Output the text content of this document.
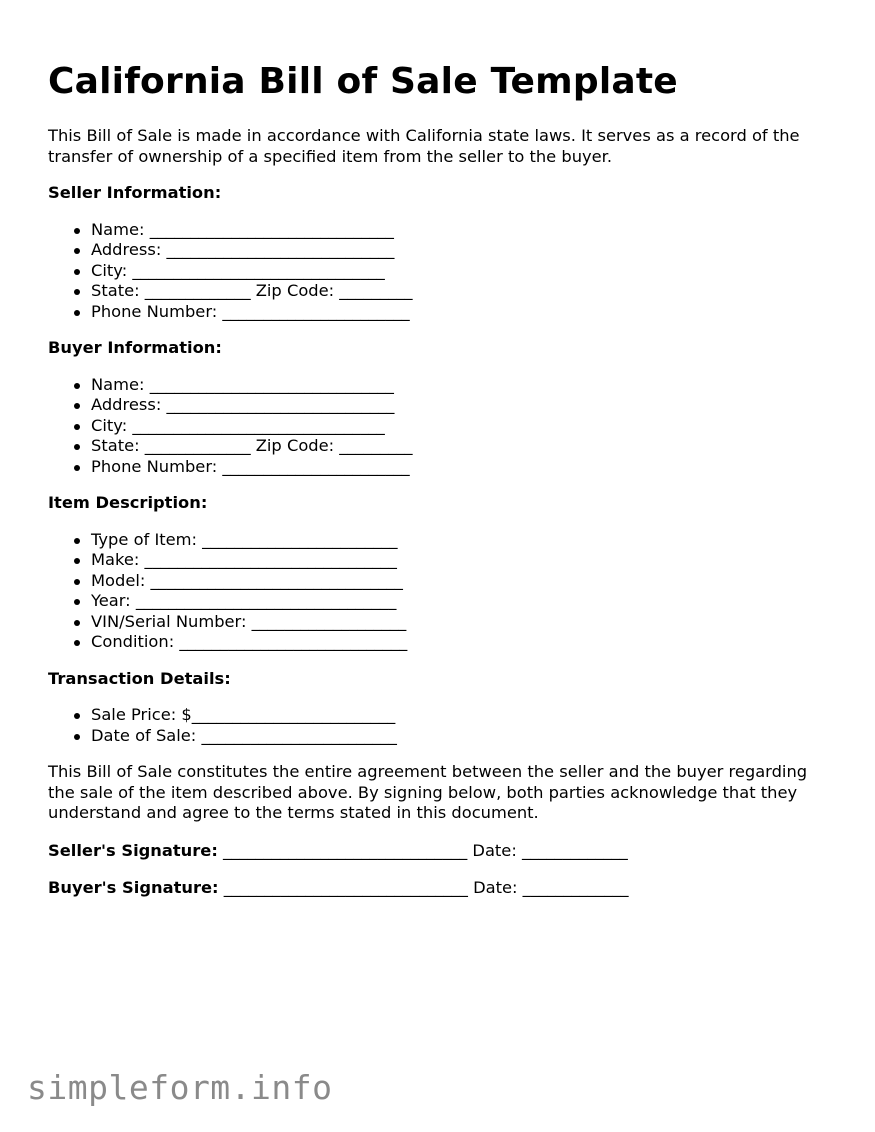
California Bill of Sale Template

This Bill of Sale is made in accordance with California state laws. It serves as a record of the transfer of ownership of a specified item from the seller to the buyer.

Seller Information:

Name: ______________________________
Address: ____________________________
City: _______________________________
State: _____________ Zip Code: _________
Phone Number: _______________________

Buyer Information:

Name: ______________________________
Address: ____________________________
City: _______________________________
State: _____________ Zip Code: _________
Phone Number: _______________________

Item Description:

Type of Item: ________________________
Make: _______________________________
Model: _______________________________
Year: ________________________________
VIN/Serial Number: ___________________
Condition: ____________________________

Transaction Details:

Sale Price: $_________________________
Date of Sale: ________________________

This Bill of Sale constitutes the entire agreement between the seller and the buyer regarding the sale of the item described above. By signing below, both parties acknowledge that they understand and agree to the terms stated in this document.

Seller's Signature: ______________________________ Date: _____________

Buyer's Signature: ______________________________ Date: _____________

simpleform.info
